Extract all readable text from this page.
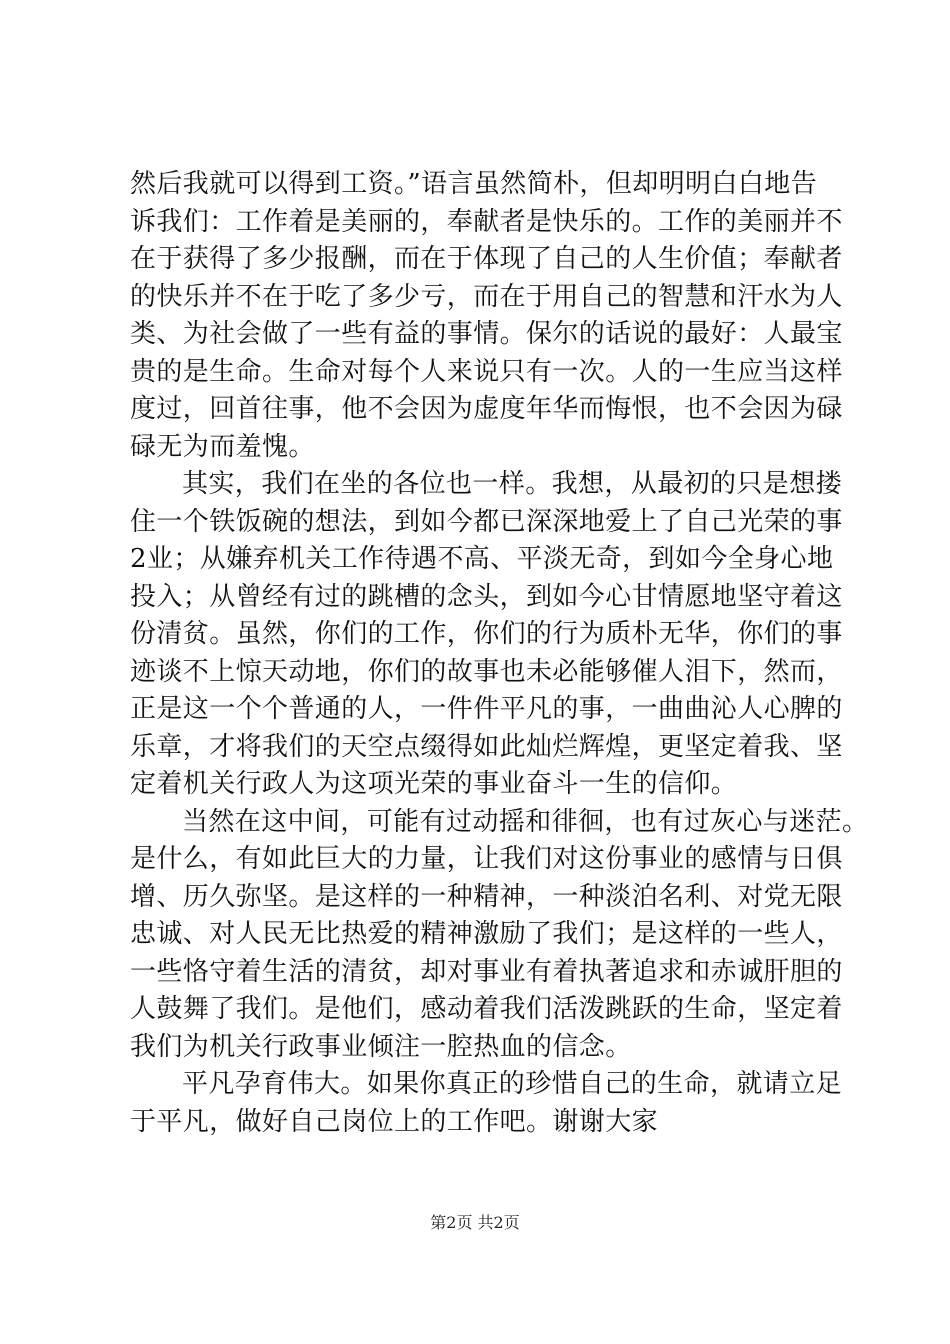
然后我就可以得到工资。”语言虽然简朴，但却明明白白地告
诉我们：工作着是美丽的，奉献者是快乐的。工作的美丽并不
在于获得了多少报酬，而在于体现了自己的人生价值；奉献者
的快乐并不在于吃了多少亏，而在于用自己的智慧和汗水为人
类、为社会做了一些有益的事情。保尔的话说的最好：人最宝
贵的是生命。生命对每个人来说只有一次。人的一生应当这样
度过，回首往事，他不会因为虚度年华而悔恨，也不会因为碌
碌无为而羞愧。
其实，我们在坐的各位也一样。我想，从最初的只是想搂
住一个铁饭碗的想法，到如今都已深深地爱上了自己光荣的事
2业；从嫌弃机关工作待遇不高、平淡无奇，到如今全身心地
投入；从曾经有过的跳槽的念头，到如今心甘情愿地坚守着这
份清贫。虽然，你们的工作，你们的行为质朴无华，你们的事
迹谈不上惊天动地，你们的故事也未必能够催人泪下，然而，
正是这一个个普通的人，一件件平凡的事，一曲曲沁人心脾的
乐章，才将我们的天空点缀得如此灿烂辉煌，更坚定着我、坚
定着机关行政人为这项光荣的事业奋斗一生的信仰。
当然在这中间，可能有过动摇和徘徊，也有过灰心与迷茫。
是什么，有如此巨大的力量，让我们对这份事业的感情与日俱
增、历久弥坚。是这样的一种精神，一种淡泊名利、对党无限
忠诚、对人民无比热爱的精神激励了我们；是这样的一些人，
一些恪守着生活的清贫，却对事业有着执著追求和赤诚肝胆的
人鼓舞了我们。是他们，感动着我们活泼跳跃的生命，坚定着
我们为机关行政事业倾注一腔热血的信念。
平凡孕育伟大。如果你真正的珍惜自己的生命，就请立足
于平凡，做好自己岗位上的工作吧。谢谢大家
第2页 共2页
